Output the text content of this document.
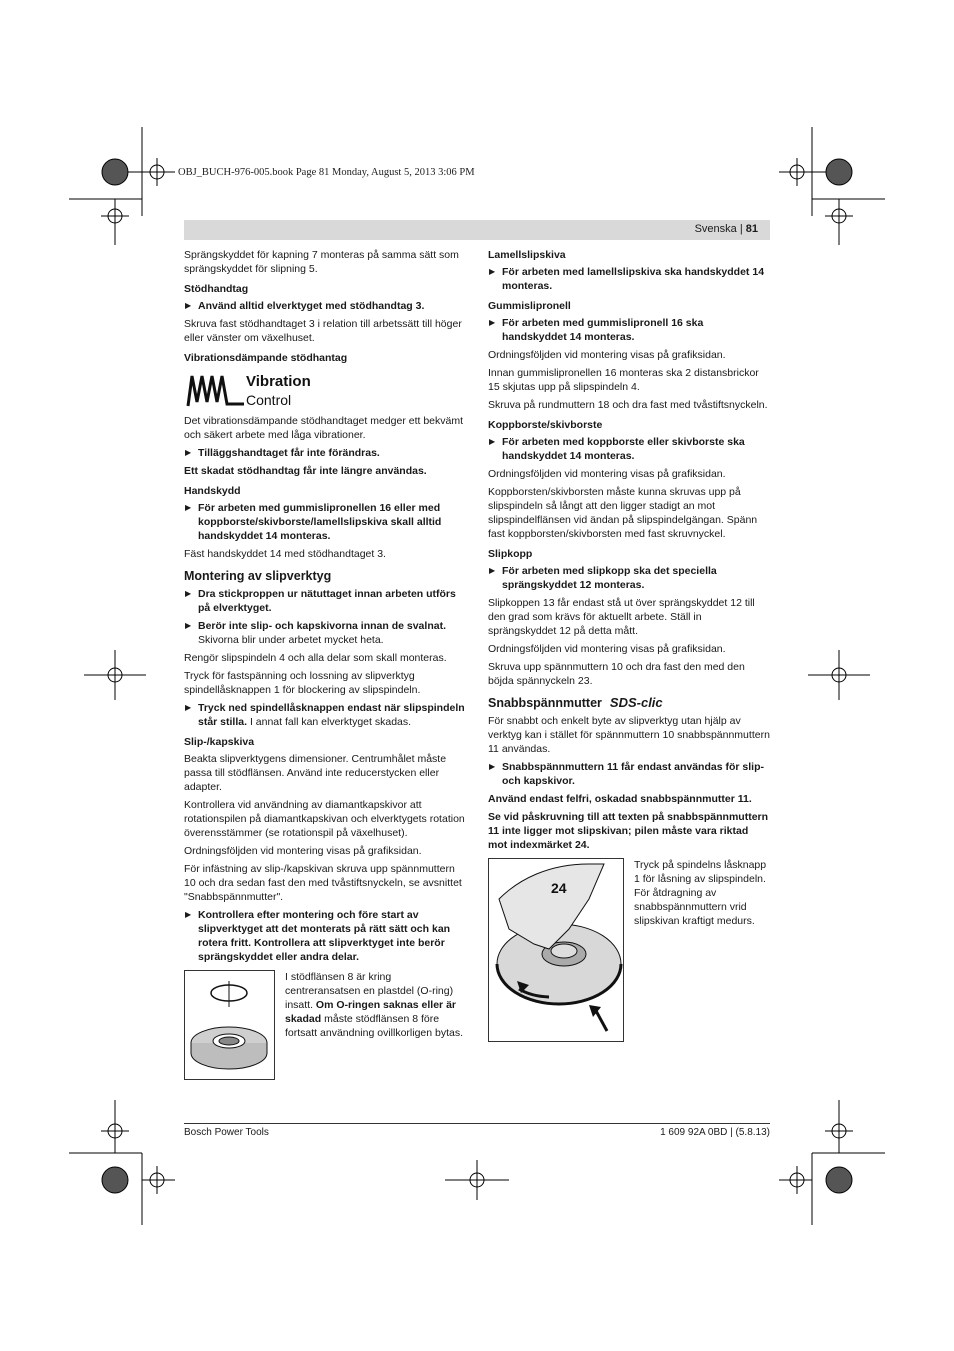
OBJ_BUCH-976-005.book Page 81 Monday, August 5, 2013 3:06 PM
Svenska | 81

Sprängskyddet för kapning 7 monteras på samma sätt som sprängskyddet för slipning 5.

Stödhandtag
▶ Använd alltid elverktyget med stödhandtag 3.

Skruva fast stödhandtaget 3 i relation till arbetssätt till höger eller vänster om växelhuset.

Vibrationsdämpande stödhantag
Vibration
Control

Det vibrationsdämpande stödhandtaget medger ett bekvämt och säkert arbete med låga vibrationer.

▶ Tilläggshandtaget får inte förändras.

Ett skadat stödhandtag får inte längre användas.

Handskydd
▶ För arbeten med gummislipronellen 16 eller med koppborste/skivborste/lamellslipskiva skall alltid handskyddet 14 monteras.

Fäst handskyddet 14 med stödhandtaget 3.

Montering av slipverktyg
▶ Dra stickproppen ur nätuttaget innan arbeten utförs på elverktyget.
▶ Berör inte slip- och kapskivorna innan de svalnat. Skivorna blir under arbetet mycket heta.

Rengör slipspindeln 4 och alla delar som skall monteras.

Tryck för fastspänning och lossning av slipverktyg spindellåsknappen 1 för blockering av slipspindeln.

▶ Tryck ned spindellåsknappen endast när slipspindeln står stilla. I annat fall kan elverktyget skadas.
Slip-/kapskiva

Beakta slipverktygens dimensioner. Centrumhålet måste passa till stödflänsen. Använd inte reducerstycken eller adapter.

Kontrollera vid användning av diamantkapskivor att rotationspilen på diamantkapskivan och elverktygets rotation överensstämmer (se rotationspil på växelhuset).

Ordningsföljden vid montering visas på grafiksidan.

För infästning av slip-/kapskivan skruva upp spännmuttern 10 och dra sedan fast den med tvåstiftsnyckeln, se avsnittet "Snabbspännmutter".

▶ Kontrollera efter montering och före start av slipverktyget att det monterats på rätt sätt och kan rotera fritt. Kontrollera att slipverktyget inte berör sprängskyddet eller andra delar.

I stödflänsen 8 är kring centreransatsen en plastdel (O-ring) insatt. Om O-ringen saknas eller är skadad måste stödflänsen 8 före fortsatt användning ovillkorligen bytas.

Lamellslipskiva
▶ För arbeten med lamellslipskiva ska handskyddet 14 monteras.
Gummislipronell
▶ För arbeten med gummislipronell 16 ska handskyddet 14 monteras.

Ordningsföljden vid montering visas på grafiksidan.

Innan gummislipronellen 16 monteras ska 2 distansbrickor 15 skjutas upp på slipspindeln 4.

Skruva på rundmuttern 18 och dra fast med tvåstiftsnyckeln.

Koppborste/skivborste
▶ För arbeten med koppborste eller skivborste ska handskyddet 14 monteras.

Ordningsföljden vid montering visas på grafiksidan.

Koppborsten/skivborsten måste kunna skruvas upp på slipspindeln så långt att den ligger stadigt an mot slipspindelflänsen vid ändan på slipspindelgängan. Spänn fast koppborsten/skivborsten med fast skruvnyckel.

Slipkopp
▶ För arbeten med slipkopp ska det speciella sprängskyddet 12 monteras.

Slipkoppen 13 får endast stå ut över sprängskyddet 12 till den grad som krävs för aktuellt arbete. Ställ in sprängskyddet 12 på detta mått.

Ordningsföljden vid montering visas på grafiksidan.

Skruva upp spännmuttern 10 och dra fast den med den böjda spännyckeln 23.

Snabbspännmutter SDS-clic

För snabbt och enkelt byte av slipverktyg utan hjälp av verktyg kan i stället för spännmuttern 10 snabbspännmuttern 11 användas.

▶ Snabbspännmuttern 11 får endast användas för slip- och kapskivor.

Använd endast felfri, oskadad snabbspännmutter 11.

Se vid påskruvning till att texten på snabbspännmuttern 11 inte ligger mot slipskivan; pilen måste vara riktad mot indexmärket 24.

24

Tryck på spindelns låsknapp 1 för låsning av slipspindeln. För åtdragning av snabbspännmuttern vrid slipskivan kraftigt medurs.

Bosch Power Tools	1 609 92A 0BD | (5.8.13)
